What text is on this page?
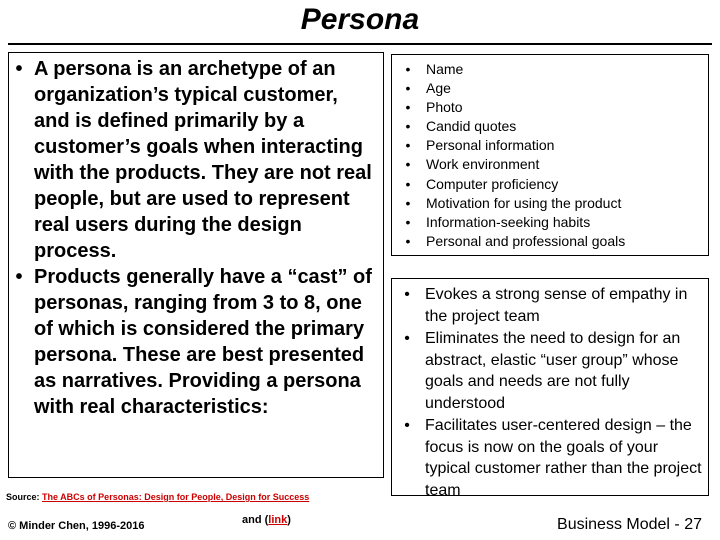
Persona

• A persona is an archetype of an organization’s typical customer, and is defined primarily by a customer’s goals when interacting with the products. They are not real people, but are used to represent real users during the design process.

• Products generally have a “cast” of personas, ranging from 3 to 8, one of which is considered the primary persona. These are best presented as narratives. Providing a persona with real characteristics:

• Name
• Age
• Photo
• Candid quotes
• Personal information
• Work environment
• Computer proficiency
• Motivation for using the product
• Information-seeking habits
• Personal and professional goals
• Evokes a strong sense of empathy in the project team
• Eliminates the need to design for an abstract, elastic “user group” whose goals and needs are not fully understood
• Facilitates user-centered design – the focus is now on the goals of your typical customer rather than the project team
Source: The ABCs of Personas: Design for People, Design for Success
© Minder Chen, 1996-2016	and (link)	Business Model - 27
